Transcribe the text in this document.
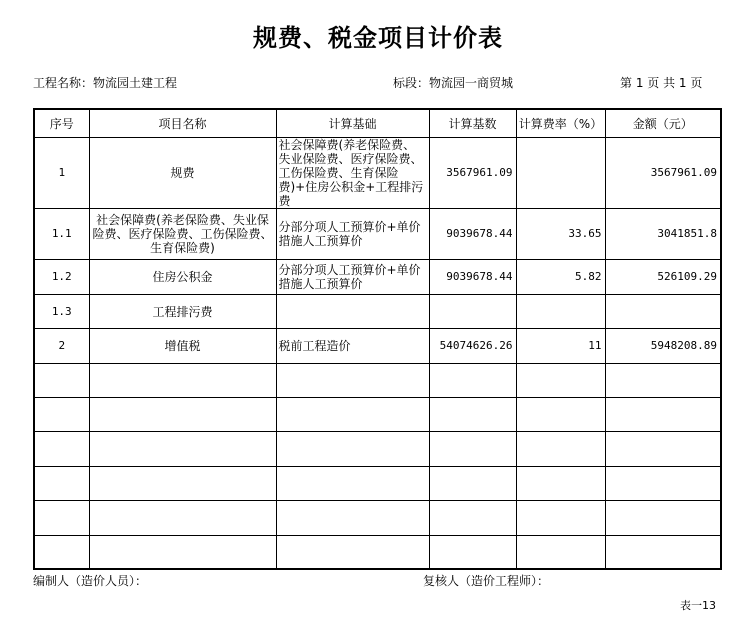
规费、税金项目计价表
工程名称：物流园土建工程	标段：物流园一商贸城	第 1 页 共 1 页
序号	项目名称	计算基础	计算基数	计算费率（%）	金额（元）
1	规费	社会保障费(养老保险费、失业保险费、医疗保险费、工伤保险费、生育保险费)+住房公积金+工程排污费	3567961.09		3567961.09
1.1	社会保障费(养老保险费、失业保险费、医疗保险费、工伤保险费、生育保险费)	分部分项人工预算价+单价措施人工预算价	9039678.44	33.65	3041851.8
1.2	住房公积金	分部分项人工预算价+单价措施人工预算价	9039678.44	5.82	526109.29
1.3	工程排污费				
2	增值税	税前工程造价	54074626.26	11	5948208.89

编制人（造价人员）：	复核人（造价工程师）：
表一13
